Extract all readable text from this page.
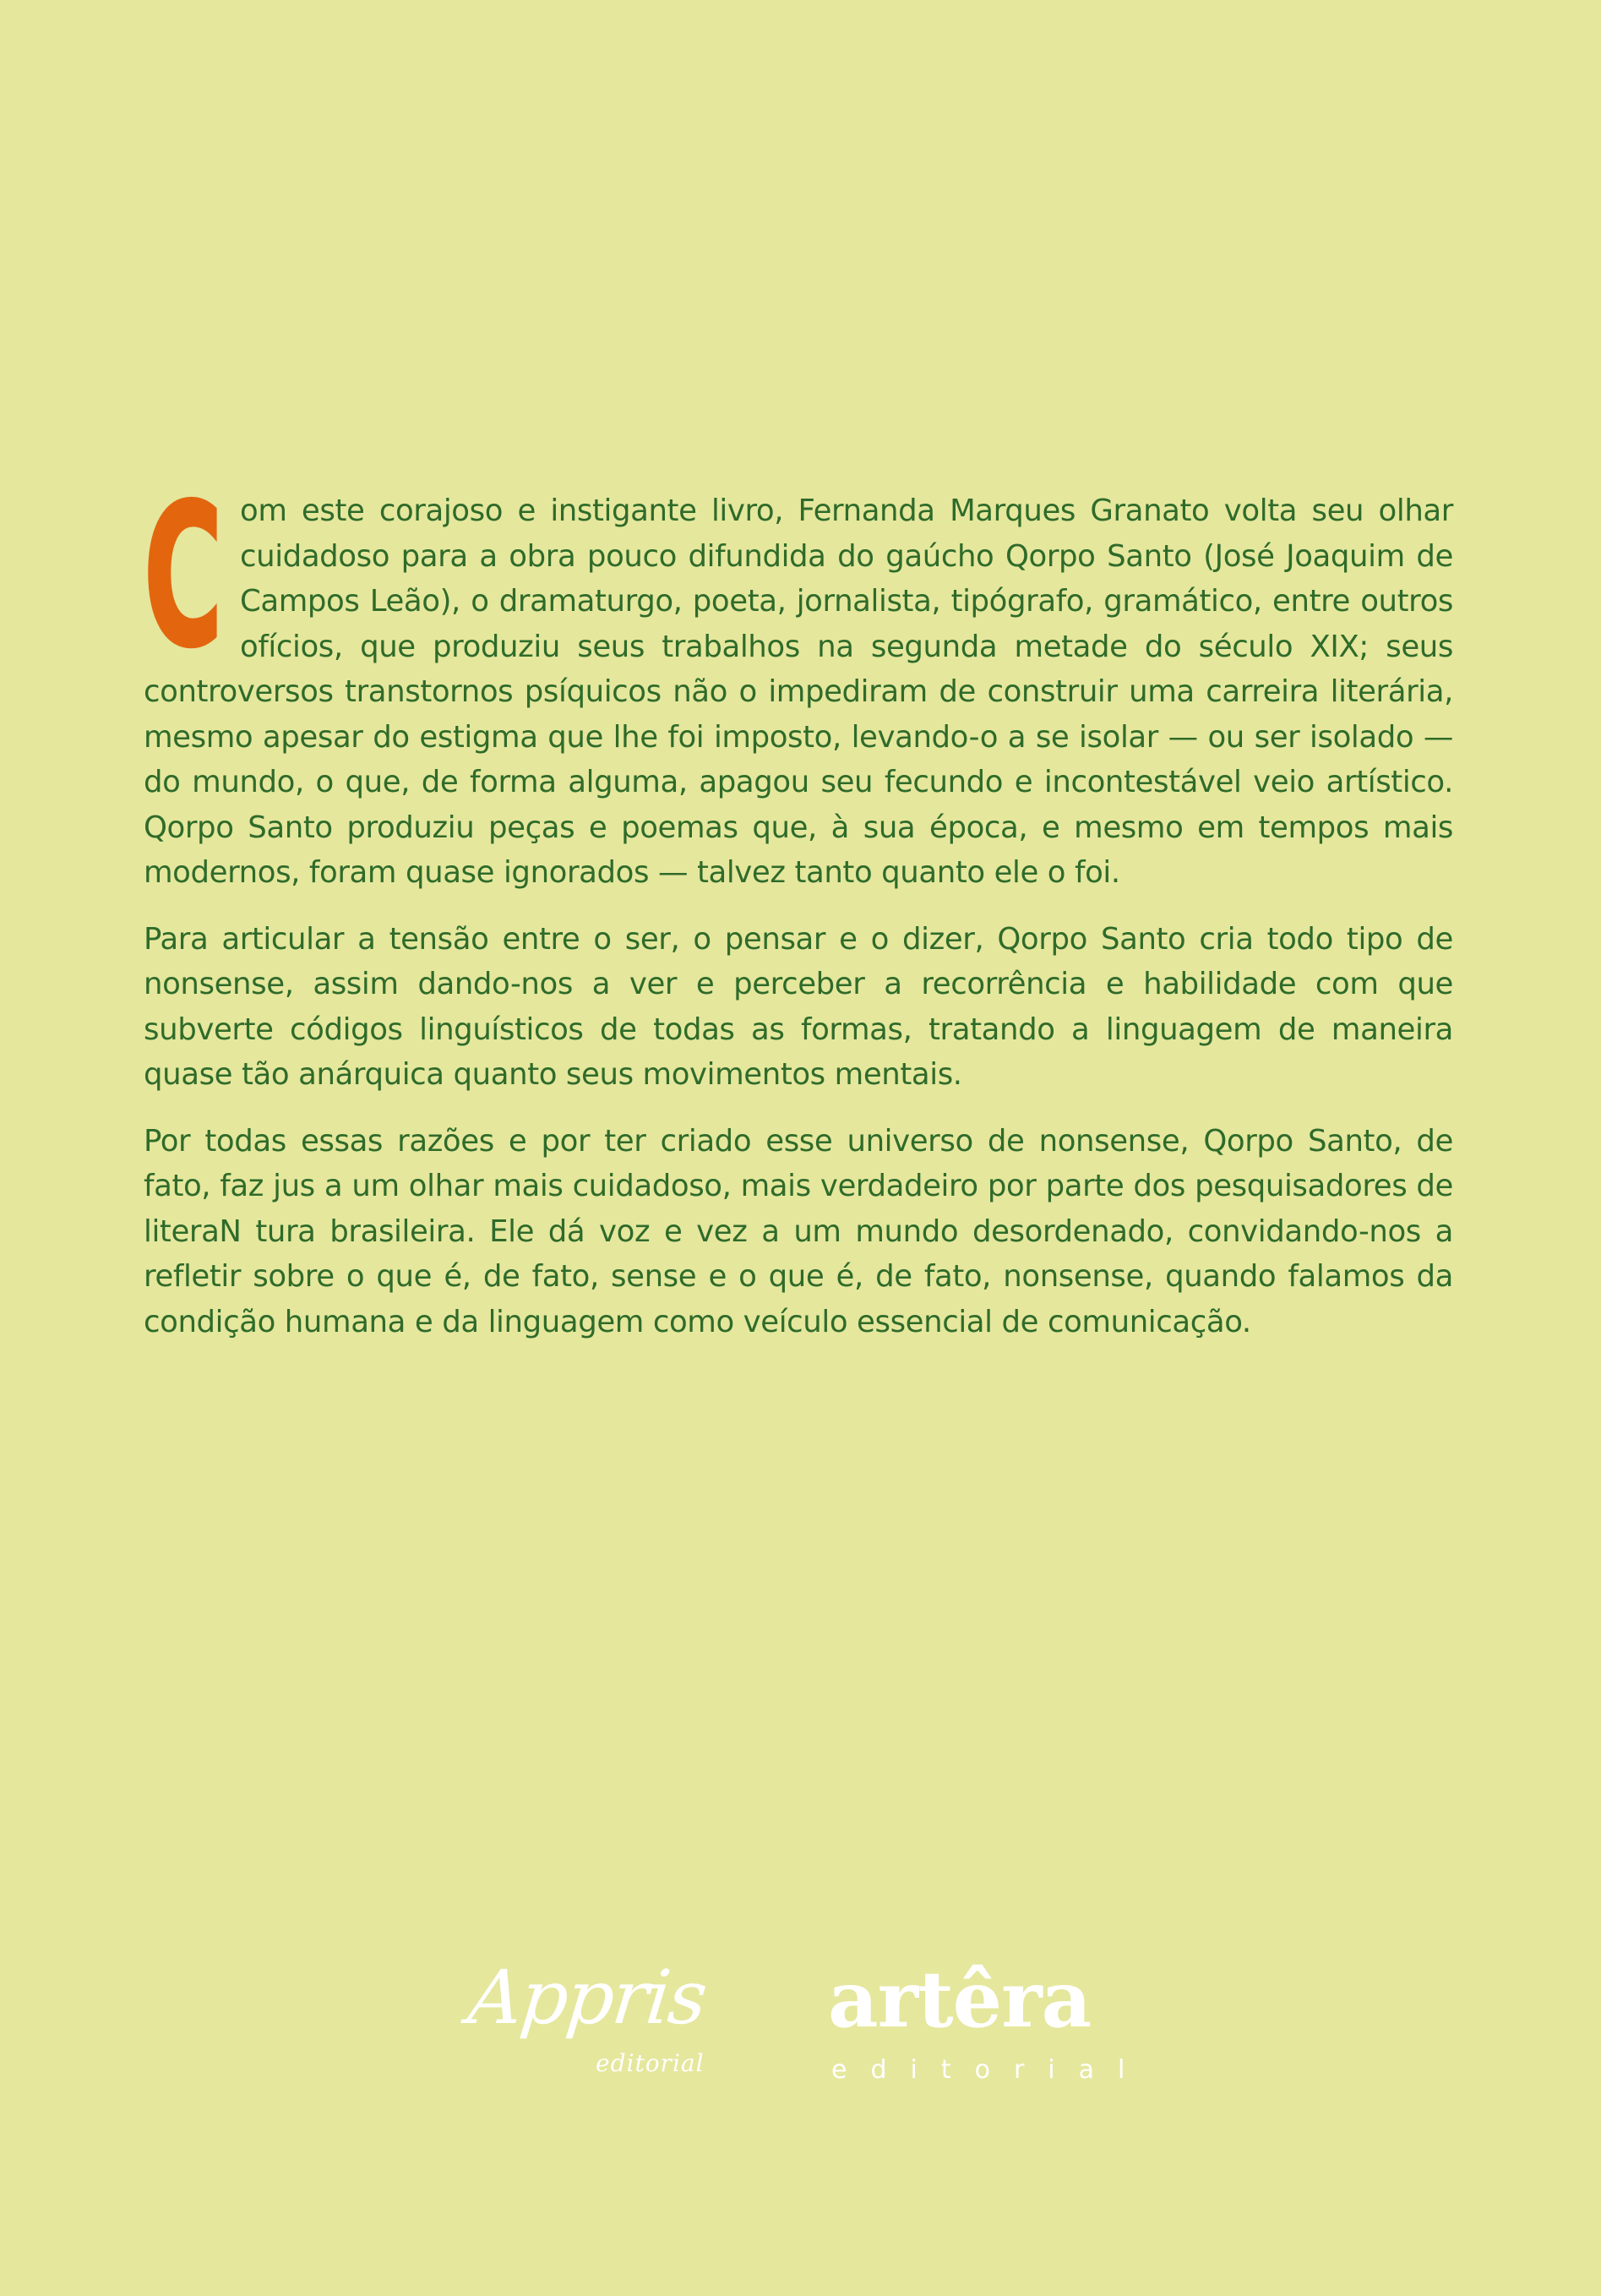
Com este corajoso e instigante livro, Fernanda Marques Granato volta seu olhar cuidadoso para a obra pouco difundida do gaúcho Qorpo Santo (José Joaquim de Campos Leão), o dramaturgo, poeta, jornalista, tipógrafo, gramático, entre outros ofícios, que produziu seus trabalhos na segunda metade do século XIX; seus controversos transtornos psíquicos não o impediram de construir uma carreira literária, mesmo apesar do estigma que lhe foi imposto, levando-o a se isolar — ou ser isolado — do mundo, o que, de forma alguma, apagou seu fecundo e incontestável veio artístico. Qorpo Santo produziu peças e poemas que, à sua época, e mesmo em tempos mais modernos, foram quase ignorados — talvez tanto quanto ele o foi.

Para articular a tensão entre o ser, o pensar e o dizer, Qorpo Santo cria todo tipo de nonsense, assim dando-nos a ver e perceber a recorrência e habilidade com que subverte códigos linguísticos de todas as formas, tratando a linguagem de maneira quase tão anárquica quanto seus movimentos mentais.

Por todas essas razões e por ter criado esse universo de nonsense, Qorpo Santo, de fato, faz jus a um olhar mais cuidadoso, mais verdadeiro por parte dos pesquisadores de literaN tura brasileira. Ele dá voz e vez a um mundo desordenado, convidando-nos a refletir sobre o que é, de fato, sense e o que é, de fato, nonsense, quando falamos da condição humana e da linguagem como veículo essencial de comunicação.

Appris
editorial
artêra
editorial
